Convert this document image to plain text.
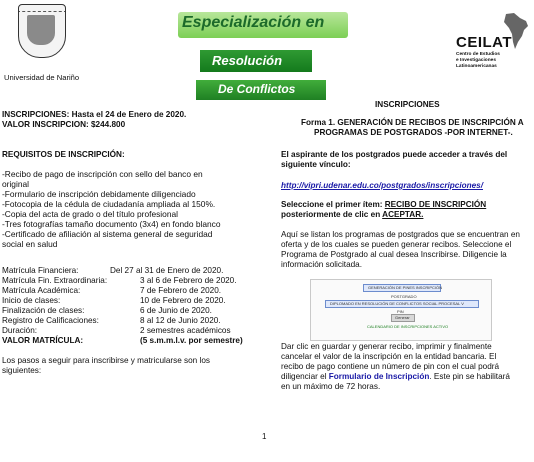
Universidad de Nariño
Especialización en
Resolución
De Conflictos
CEILAT
Centro de Estudios
e Investigaciones
Latinoamericanas
INSCRIPCIONES: Hasta el 24 de Enero de 2020.
VALOR INSCRIPCION: $244.800
REQUISITOS DE INSCRIPCIÓN:
-Recibo de pago de inscripción con sello del banco en
original
-Formulario de inscripción debidamente diligenciado
-Fotocopia de la cédula de ciudadanía ampliada al 150%.
-Copia del acta de grado o del título profesional
-Tres fotografías tamaño documento (3x4) en fondo blanco
-Certificado de afiliación al sistema general de seguridad
social en salud
Matrícula Financiera:	Del 27 al 31 de Enero de 2020.
Matrícula Fin. Extraordinaria:	3 al 6 de Febrero de 2020.
Matrícula Académica:	7 de Febrero de 2020.
Inicio de clases:	10 de Febrero de 2020.
Finalización de clases:	6 de Junio de 2020.
Registro de Calificaciones:	8 al 12 de Junio 2020.
Duración:	2 semestres académicos
VALOR MATRÍCULA:	(5 s.m.m.l.v. por semestre)
Los pasos a seguir para inscribirse y matricularse son los
siguientes:
INSCRIPCIONES
Forma 1. GENERACIÓN DE RECIBOS DE INSCRIPCIÓN A
PROGRAMAS DE POSTGRADOS -POR INTERNET-.
El aspirante de los postgrados puede acceder a través del
siguiente vínculo:
http://vipri.udenar.edu.co/postgrados/inscripciones/
Seleccione el primer ítem: RECIBO DE INSCRIPCIÓN
posteriormente de clic en ACEPTAR.
Aquí se listan los programas de postgrados que se encuentran en
oferta y de los cuales se pueden generar recibos. Seleccione el
Programa de Postgrado al cual desea Inscribirse. Diligencie la
información solicitada.
GENERACIÓN DE PINES INSCRIPCIÓN
POSTGRADO
DIPLOMADO EN RESOLUCIÓN DE CONFLICTOS SOCIAL PROCESAL V
PIN
Generar
CALENDARIO DE INSCRIPCIONES ACTIVO
Dar clic en guardar y generar recibo, imprimir y finalmente
cancelar el valor de la inscripción en la entidad bancaria. El
recibo de pago contiene un número de pin con el cual podrá
diligenciar el Formulario de Inscripción. Este pin se habilitará
en un máximo de 72 horas.
1
